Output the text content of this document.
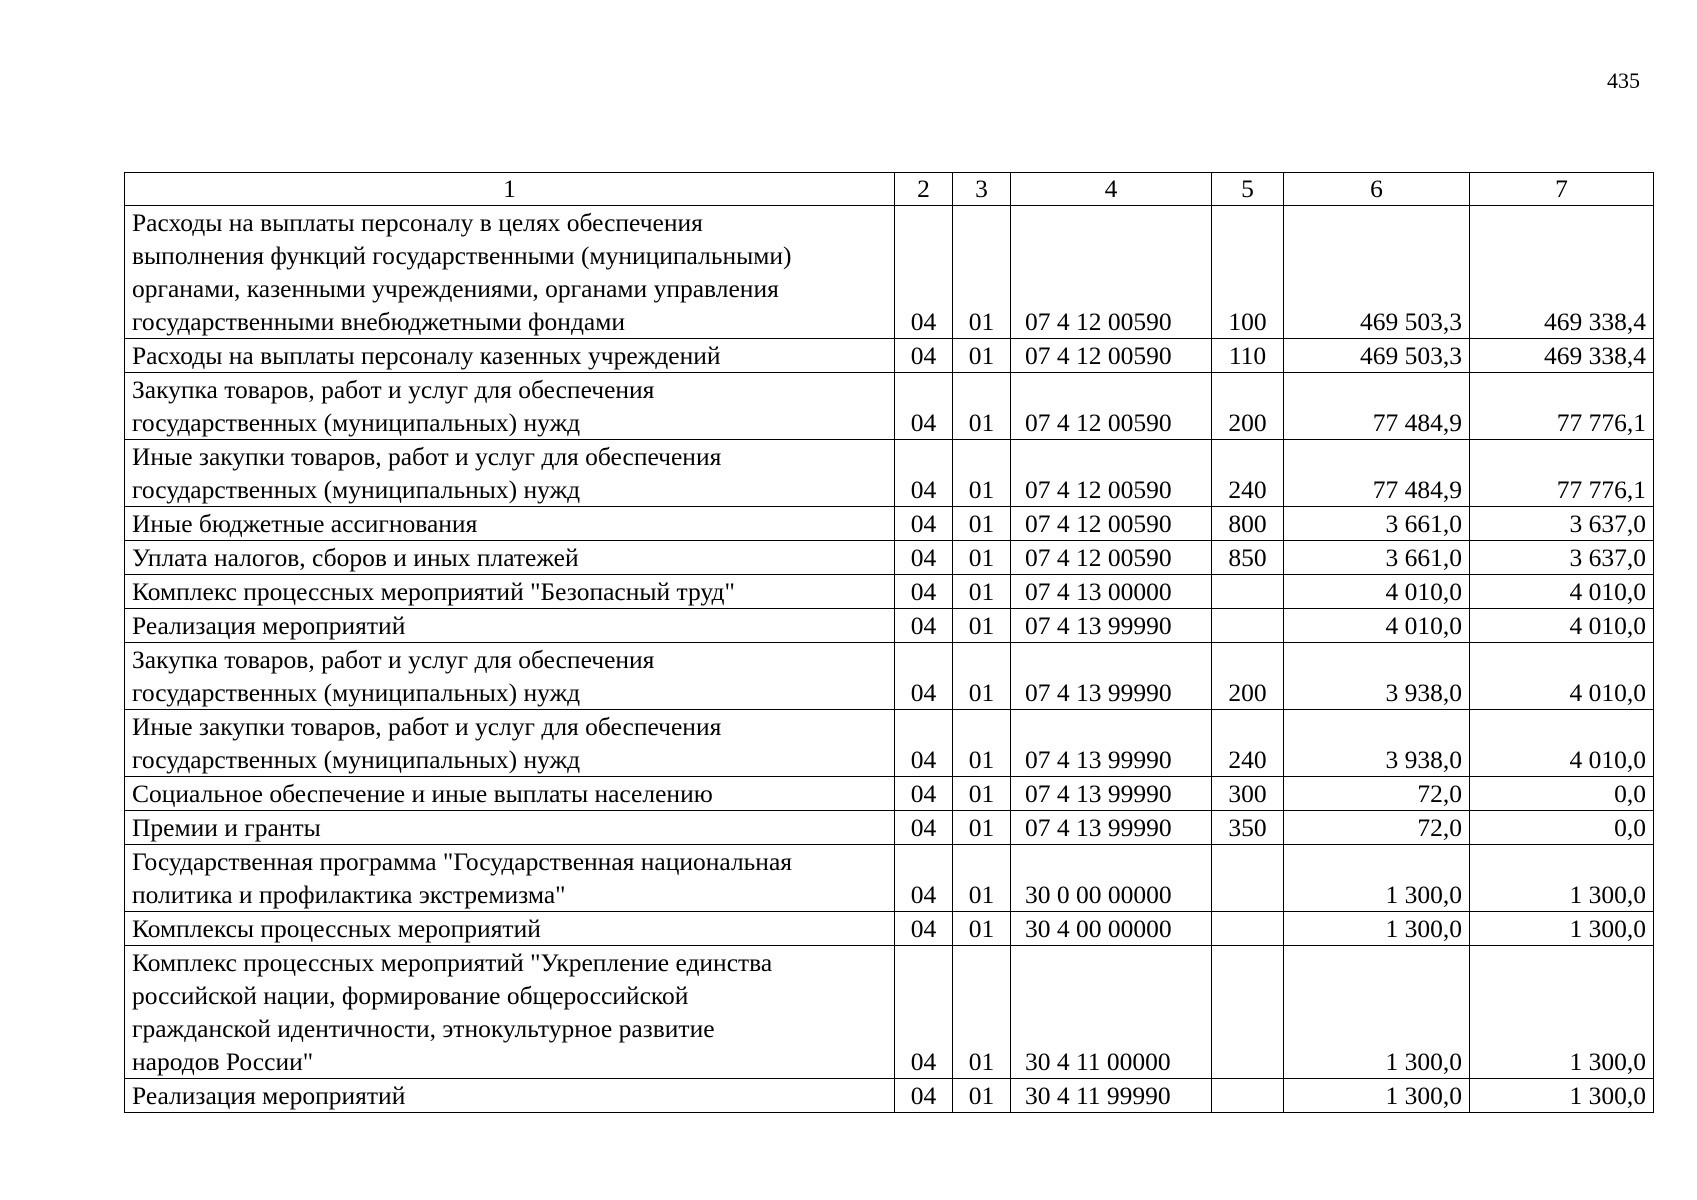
435
1	2	3	4	5	6	7

Расходы на выплаты персоналу в целях обеспечения
выполнения функций государственными (муниципальными)
органами, казенными учреждениями, органами управления
государственными внебюджетными фондами	04	01	07 4 12 00590	100	469 503,3	469 338,4

Расходы на выплаты персоналу казенных учреждений	04	01	07 4 12 00590	110	469 503,3	469 338,4

Закупка товаров, работ и услуг для обеспечения
государственных (муниципальных) нужд	04	01	07 4 12 00590	200	77 484,9	77 776,1

Иные закупки товаров, работ и услуг для обеспечения
государственных (муниципальных) нужд	04	01	07 4 12 00590	240	77 484,9	77 776,1

Иные бюджетные ассигнования	04	01	07 4 12 00590	800	3 661,0	3 637,0

Уплата налогов, сборов и иных платежей	04	01	07 4 12 00590	850	3 661,0	3 637,0

Комплекс процессных мероприятий "Безопасный труд"	04	01	07 4 13 00000		4 010,0	4 010,0

Реализация мероприятий	04	01	07 4 13 99990		4 010,0	4 010,0

Закупка товаров, работ и услуг для обеспечения
государственных (муниципальных) нужд	04	01	07 4 13 99990	200	3 938,0	4 010,0

Иные закупки товаров, работ и услуг для обеспечения
государственных (муниципальных) нужд	04	01	07 4 13 99990	240	3 938,0	4 010,0

Социальное обеспечение и иные выплаты населению	04	01	07 4 13 99990	300	72,0	0,0

Премии и гранты	04	01	07 4 13 99990	350	72,0	0,0

Государственная программа "Государственная национальная
политика и профилактика экстремизма"	04	01	30 0 00 00000		1 300,0	1 300,0

Комплексы процессных мероприятий	04	01	30 4 00 00000		1 300,0	1 300,0

Комплекс процессных мероприятий "Укрепление единства
российской нации, формирование общероссийской
гражданской идентичности, этнокультурное развитие
народов России"	04	01	30 4 11 00000		1 300,0	1 300,0

Реализация мероприятий	04	01	30 4 11 99990		1 300,0	1 300,0
